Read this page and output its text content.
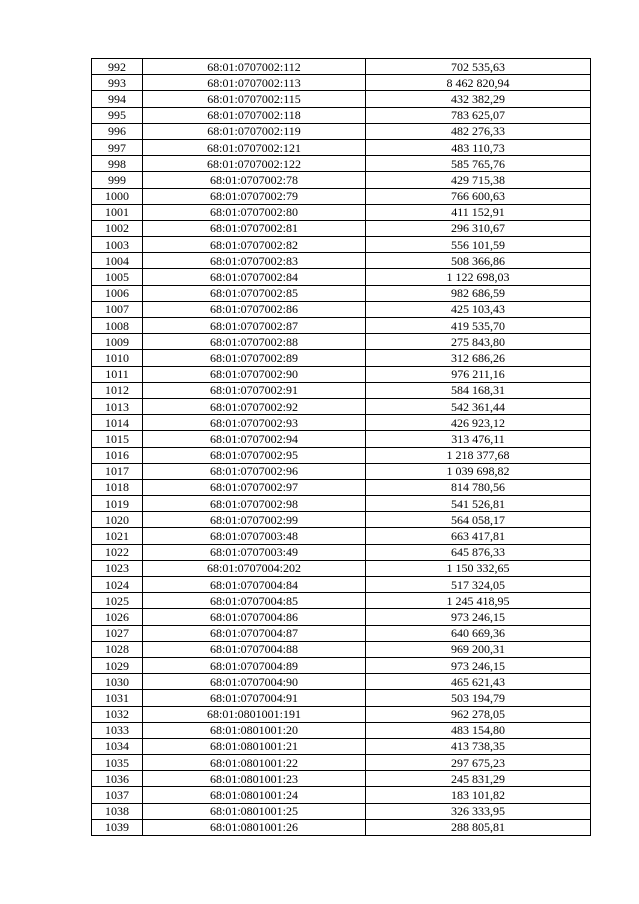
992	68:01:0707002:112	702 535,63
993	68:01:0707002:113	8 462 820,94
994	68:01:0707002:115	432 382,29
995	68:01:0707002:118	783 625,07
996	68:01:0707002:119	482 276,33
997	68:01:0707002:121	483 110,73
998	68:01:0707002:122	585 765,76
999	68:01:0707002:78	429 715,38
1000	68:01:0707002:79	766 600,63
1001	68:01:0707002:80	411 152,91
1002	68:01:0707002:81	296 310,67
1003	68:01:0707002:82	556 101,59
1004	68:01:0707002:83	508 366,86
1005	68:01:0707002:84	1 122 698,03
1006	68:01:0707002:85	982 686,59
1007	68:01:0707002:86	425 103,43
1008	68:01:0707002:87	419 535,70
1009	68:01:0707002:88	275 843,80
1010	68:01:0707002:89	312 686,26
1011	68:01:0707002:90	976 211,16
1012	68:01:0707002:91	584 168,31
1013	68:01:0707002:92	542 361,44
1014	68:01:0707002:93	426 923,12
1015	68:01:0707002:94	313 476,11
1016	68:01:0707002:95	1 218 377,68
1017	68:01:0707002:96	1 039 698,82
1018	68:01:0707002:97	814 780,56
1019	68:01:0707002:98	541 526,81
1020	68:01:0707002:99	564 058,17
1021	68:01:0707003:48	663 417,81
1022	68:01:0707003:49	645 876,33
1023	68:01:0707004:202	1 150 332,65
1024	68:01:0707004:84	517 324,05
1025	68:01:0707004:85	1 245 418,95
1026	68:01:0707004:86	973 246,15
1027	68:01:0707004:87	640 669,36
1028	68:01:0707004:88	969 200,31
1029	68:01:0707004:89	973 246,15
1030	68:01:0707004:90	465 621,43
1031	68:01:0707004:91	503 194,79
1032	68:01:0801001:191	962 278,05
1033	68:01:0801001:20	483 154,80
1034	68:01:0801001:21	413 738,35
1035	68:01:0801001:22	297 675,23
1036	68:01:0801001:23	245 831,29
1037	68:01:0801001:24	183 101,82
1038	68:01:0801001:25	326 333,95
1039	68:01:0801001:26	288 805,81
